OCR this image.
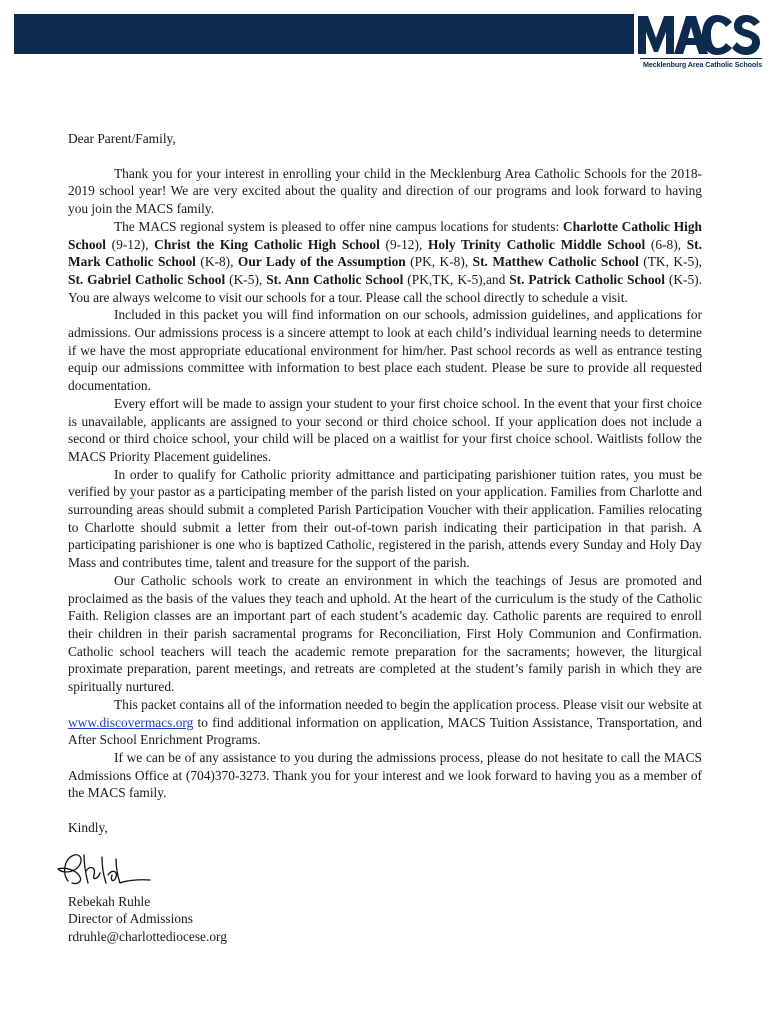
Mecklenburg Area Catholic Schools

Dear Parent/Family,

Thank you for your interest in enrolling your child in the Mecklenburg Area Catholic Schools for the 2018-2019 school year! We are very excited about the quality and direction of our programs and look forward to having you join the MACS family.

The MACS regional system is pleased to offer nine campus locations for students: Charlotte Catholic High School (9-12), Christ the King Catholic High School (9-12), Holy Trinity Catholic Middle School (6-8), St. Mark Catholic School (K-8), Our Lady of the Assumption (PK, K-8), St. Matthew Catholic School (TK, K-5), St. Gabriel Catholic School (K-5), St. Ann Catholic School (PK,TK, K-5),and St. Patrick Catholic School (K-5). You are always welcome to visit our schools for a tour. Please call the school directly to schedule a visit.

Included in this packet you will find information on our schools, admission guidelines, and applications for admissions. Our admissions process is a sincere attempt to look at each child’s individual learning needs to determine if we have the most appropriate educational environment for him/her. Past school records as well as entrance testing equip our admissions committee with information to best place each student. Please be sure to provide all requested documentation.

Every effort will be made to assign your student to your first choice school. In the event that your first choice is unavailable, applicants are assigned to your second or third choice school. If your application does not include a second or third choice school, your child will be placed on a waitlist for your first choice school. Waitlists follow the MACS Priority Placement guidelines.

In order to qualify for Catholic priority admittance and participating parishioner tuition rates, you must be verified by your pastor as a participating member of the parish listed on your application. Families from Charlotte and surrounding areas should submit a completed Parish Participation Voucher with their application. Families relocating to Charlotte should submit a letter from their out-of-town parish indicating their participation in that parish. A participating parishioner is one who is baptized Catholic, registered in the parish, attends every Sunday and Holy Day Mass and contributes time, talent and treasure for the support of the parish.

Our Catholic schools work to create an environment in which the teachings of Jesus are promoted and proclaimed as the basis of the values they teach and uphold. At the heart of the curriculum is the study of the Catholic Faith. Religion classes are an important part of each student’s academic day. Catholic parents are required to enroll their children in their parish sacramental programs for Reconciliation, First Holy Communion and Confirmation. Catholic school teachers will teach the academic remote preparation for the sacraments; however, the liturgical proximate preparation, parent meetings, and retreats are completed at the student’s family parish in which they are spiritually nurtured.

This packet contains all of the information needed to begin the application process. Please visit our website at www.discovermacs.org to find additional information on application, MACS Tuition Assistance, Transportation, and After School Enrichment Programs.

If we can be of any assistance to you during the admissions process, please do not hesitate to call the MACS Admissions Office at (704)370-3273. Thank you for your interest and we look forward to having you as a member of the MACS family.

Kindly,

Rebekah Ruhle

Director of Admissions

rdruhle@charlottediocese.org
